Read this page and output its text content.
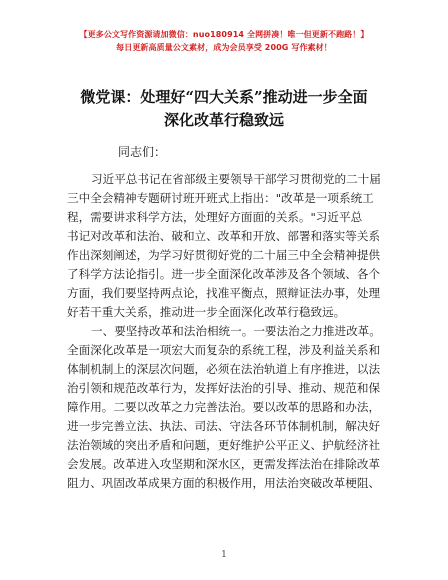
【更多公文写作资源请加微信：nuo180914 全网拼凑！唯一但更新不跑路！】
每日更新高质量公文素材，成为会员享受 200G 写作素材！
微党课：处理好“四大关系”推动进一步全面
深化改革行稳致远
同志们：
习近平总书记在省部级主要领导干部学习贯彻党的二十届
三中全会精神专题研讨班开班式上指出："改革是一项系统工
程，需要讲求科学方法，处理好方面面的关系。"习近平总
书记对改革和法治、破和立、改革和开放、部署和落实等关系
作出深刻阐述，为学习好贯彻好党的二十届三中全会精神提供
了科学方法论指引。进一步全面深化改革涉及各个领域、各个
方面，我们要坚持两点论，找准平衡点，照辩证法办事，处理
好若干重大关系，推动进一步全面深化改革行稳致远。
一、要坚持改革和法治相统一。一要法治之力推进改革。
全面深化改革是一项宏大而复杂的系统工程，涉及利益关系和
体制机制上的深层次问题，必须在法治轨道上有序推进，以法
治引领和规范改革行为，发挥好法治的引导、推动、规范和保
障作用。二要以改革之力完善法治。要以改革的思路和办法，
进一步完善立法、执法、司法、守法各环节体制机制，解决好
法治领域的突出矛盾和问题，更好维护公平正义、护航经济社
会发展。改革进入攻坚期和深水区，更需发挥法治在排除改革
阻力、巩固改革成果方面的积极作用，用法治突破改革梗阻、
1
